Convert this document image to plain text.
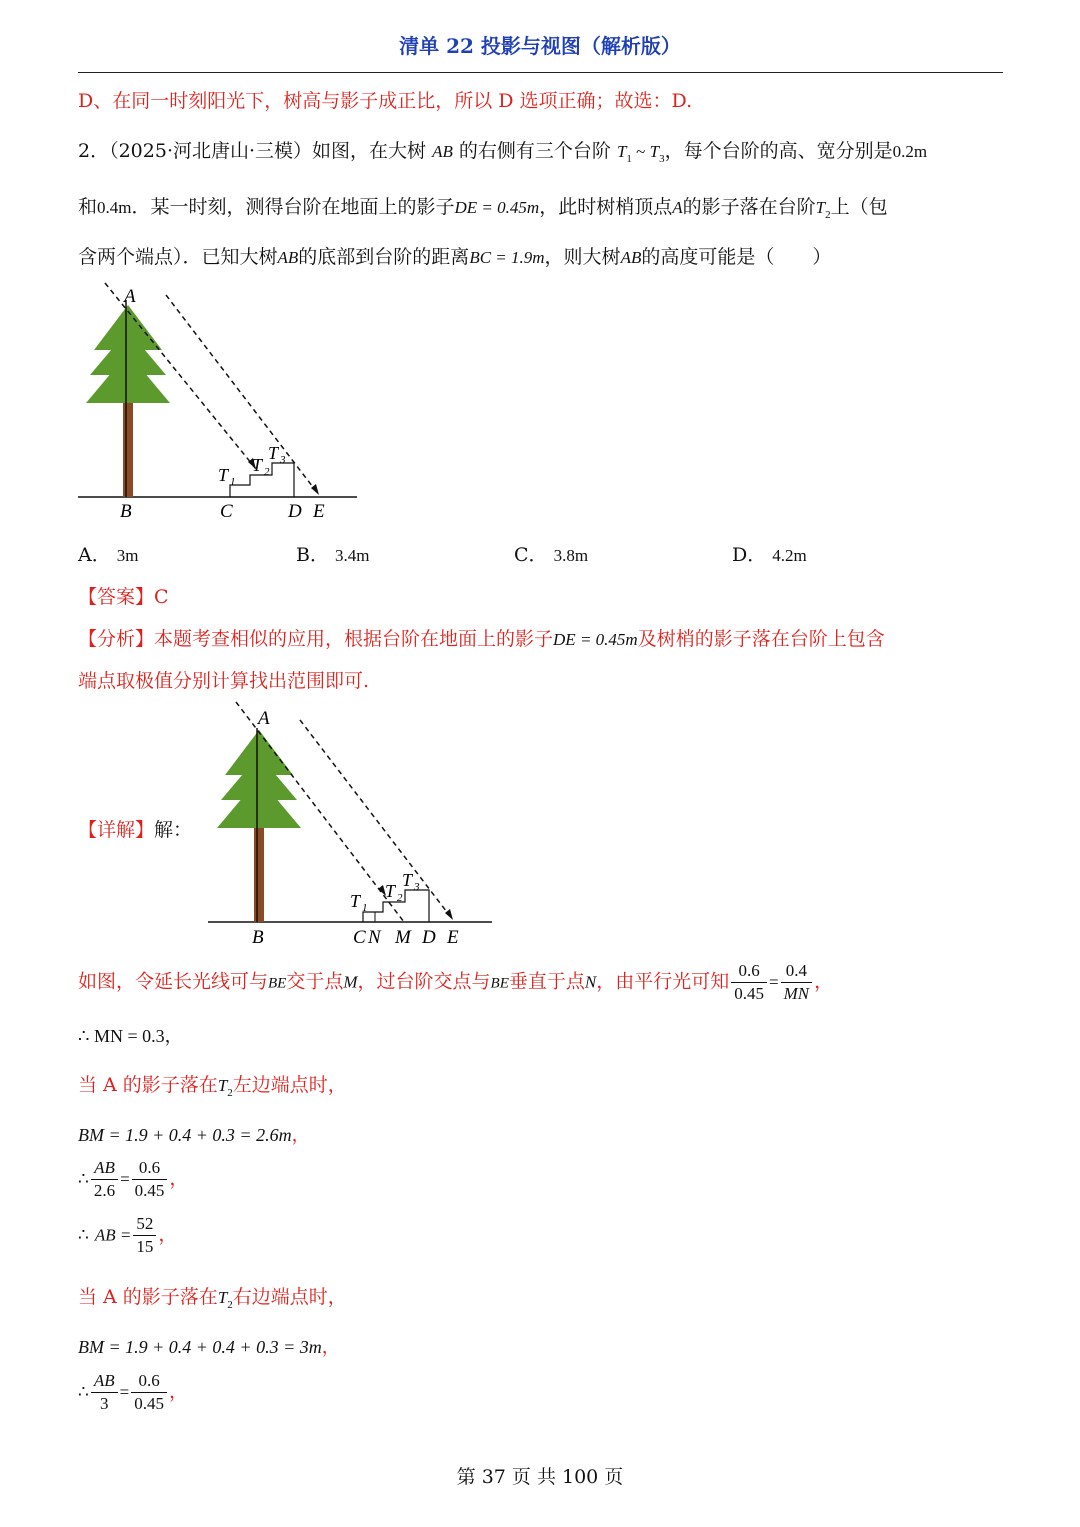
清单 22 投影与视图（解析版）
D、在同一时刻阳光下，树高与影子成正比，所以 D 选项正确；故选：D.
2．（2025·河北唐山·三模）如图，在大树 AB 的右侧有三个台阶 $T_1$ ~ $T_3$，每个台阶的高、宽分别是0.2m
和0.4m．某一时刻，测得台阶在地面上的影子DE = 0.45m，此时树梢顶点A的影子落在台阶$T_2$上（包
含两个端点）．已知大树AB的底部到台阶的距离BC = 1.9m，则大树AB的高度可能是（　　）
A
B	C	D E
T 1
T 2
T 3
A． 3m	B． 3.4m	C． 3.8m	D． 4.2m
【答案】C
【分析】本题考查相似的应用，根据台阶在地面上的影子DE = 0.45m及树梢的影子落在台阶上包含
端点取极值分别计算找出范围即可.
【详解】解：
A
B	C N M D E
T 1
T 2
T 3
如图，令延长光线可与BE交于点M，过台阶交点与BE垂直于点N，由平行光可知 $\frac{0.6}{0.45} = \frac{0.4}{MN}$ ，
∴ MN = 0.3，
当 A 的影子落在$T_2$左边端点时，
BM = 1.9 + 0.4 + 0.3 = 2.6m，
∴ $\frac{AB}{2.6} = \frac{0.6}{0.45}$ ，
∴ AB = $\frac{52}{15}$ ，
当 A 的影子落在$T_2$右边端点时，
BM = 1.9 + 0.4 + 0.4 + 0.3 = 3m，
∴ $\frac{AB}{3} = \frac{0.6}{0.45}$ ，
第 37 页 共 100 页
